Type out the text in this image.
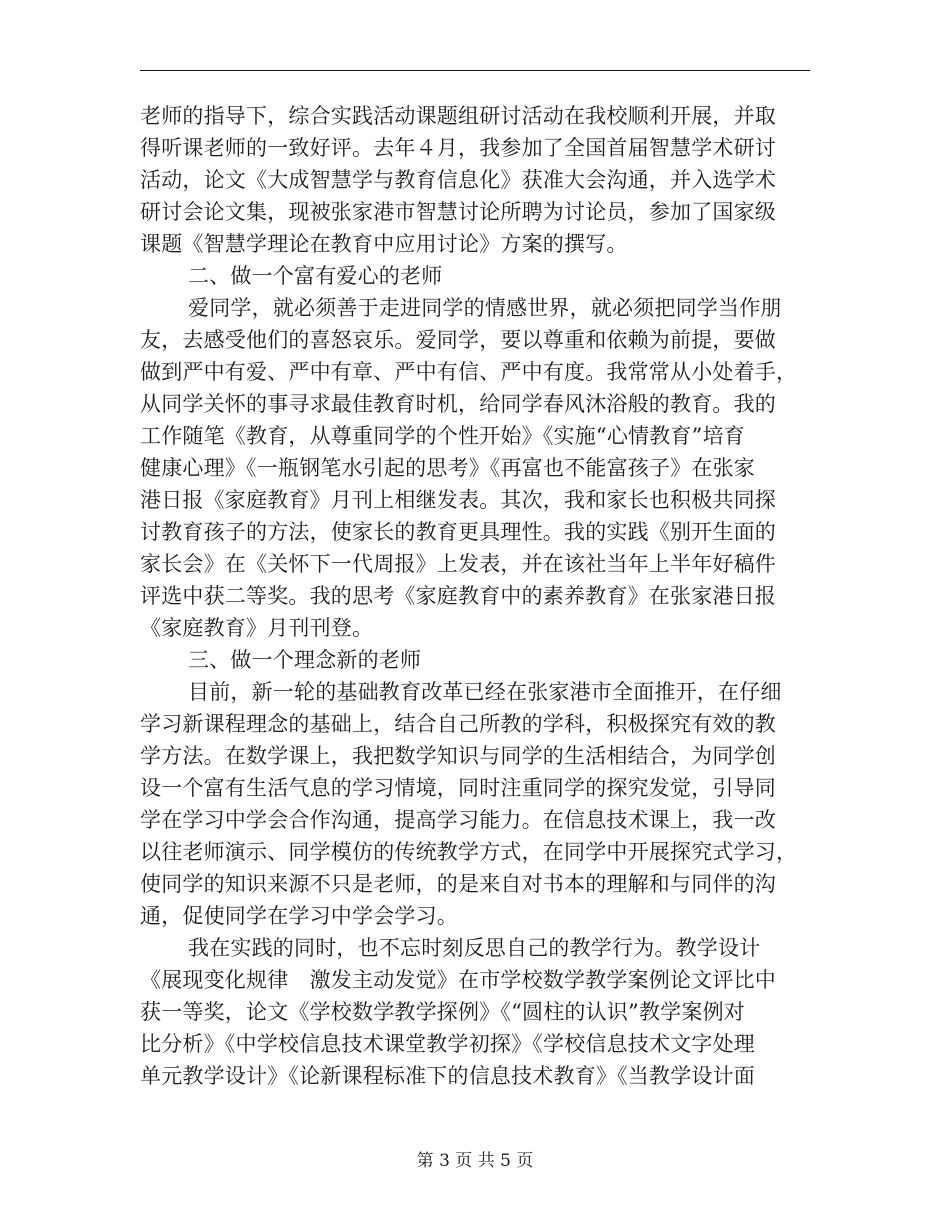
老师的指导下，综合实践活动课题组研讨活动在我校顺利开展，并取
得听课老师的一致好评。去年４月，我参加了全国首届智慧学术研讨
活动，论文《大成智慧学与教育信息化》获准大会沟通，并入选学术
研讨会论文集，现被张家港市智慧讨论所聘为讨论员，参加了国家级
课题《智慧学理论在教育中应用讨论》方案的撰写。
二、做一个富有爱心的老师
爱同学，就必须善于走进同学的情感世界，就必须把同学当作朋
友，去感受他们的喜怒哀乐。爱同学，要以尊重和依赖为前提，要做
做到严中有爱、严中有章、严中有信、严中有度。我常常从小处着手，
从同学关怀的事寻求最佳教育时机，给同学春风沐浴般的教育。我的
工作随笔《教育，从尊重同学的个性开始》《实施“心情教育”培育
健康心理》《一瓶钢笔水引起的思考》《再富也不能富孩子》在张家
港日报《家庭教育》月刊上相继发表。其次，我和家长也积极共同探
讨教育孩子的方法，使家长的教育更具理性。我的实践《别开生面的
家长会》在《关怀下一代周报》上发表，并在该社当年上半年好稿件
评选中获二等奖。我的思考《家庭教育中的素养教育》在张家港日报
《家庭教育》月刊刊登。
三、做一个理念新的老师
目前，新一轮的基础教育改革已经在张家港市全面推开，在仔细
学习新课程理念的基础上，结合自己所教的学科，积极探究有效的教
学方法。在数学课上，我把数学知识与同学的生活相结合，为同学创
设一个富有生活气息的学习情境，同时注重同学的探究发觉，引导同
学在学习中学会合作沟通，提高学习能力。在信息技术课上，我一改
以往老师演示、同学模仿的传统教学方式，在同学中开展探究式学习，
使同学的知识来源不只是老师，的是来自对书本的理解和与同伴的沟
通，促使同学在学习中学会学习。
我在实践的同时，也不忘时刻反思自己的教学行为。教学设计
《展现变化规律　激发主动发觉》在市学校数学教学案例论文评比中
获一等奖，论文《学校数学教学探例》《“圆柱的认识”教学案例对
比分析》《中学校信息技术课堂教学初探》《学校信息技术文字处理
单元教学设计》《论新课程标准下的信息技术教育》《当教学设计面
第 3 页 共 5 页
